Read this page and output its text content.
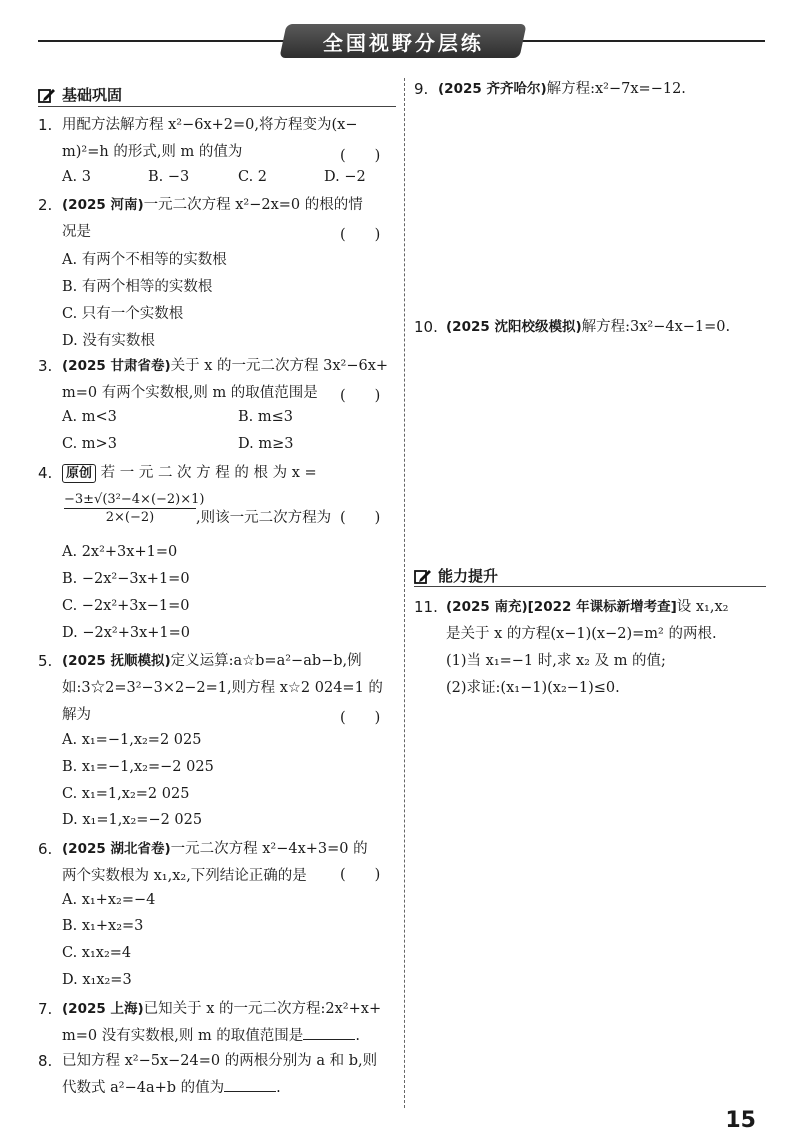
全国视野分层练
基础巩固
1. 用配方法解方程 x²−6x+2=0,将方程变为(x−
m)²=h 的形式,则 m 的值为	(　　)
A. 3	B. −3	C. 2	D. −2
2. (2025 河南)一元二次方程 x²−2x=0 的根的情
况是	(　　)
A. 有两个不相等的实数根
B. 有两个相等的实数根
C. 只有一个实数根
D. 没有实数根
3. (2025 甘肃省卷)关于 x 的一元二次方程 3x²−6x+
m=0 有两个实数根,则 m 的取值范围是	(　　)
A. m<3	B. m≤3
C. m>3	D. m≥3
4.	原创 若 一 元 二 次 方 程 的 根 为 x =
$\frac{\text{−3±√(3²−4×(−2)×1)}}{2\times(-2)}$ ,则该一元二次方程为 (　　)
A. 2x²+3x+1=0
B. −2x²−3x+1=0
C. −2x²+3x−1=0
D. −2x²+3x+1=0
5. (2025 抚顺模拟)定义运算:a☆b=a²−ab−b,例
如:3☆2=3²−3×2−2=1,则方程 x☆2 024=1 的
解为	(　　)
A. x₁=−1,x₂=2 025
B. x₁=−1,x₂=−2 025
C. x₁=1,x₂=2 025
D. x₁=1,x₂=−2 025
6. (2025 湖北省卷)一元二次方程 x²−4x+3=0 的
两个实数根为 x₁,x₂,下列结论正确的是	(　　)
A. x₁+x₂=−4
B. x₁+x₂=3
C. x₁x₂=4
D. x₁x₂=3
7. (2025 上海)已知关于 x 的一元二次方程:2x²+x+
m=0 没有实数根,则 m 的取值范围是	.
8. 已知方程 x²−5x−24=0 的两根分别为 a 和 b,则
代数式 a²−4a+b 的值为	.
9. (2025 齐齐哈尔)解方程:x²−7x=−12.
10. (2025 沈阳校级模拟)解方程:3x²−4x−1=0.
能力提升
11. (2025 南充)[2022 年课标新增考查]设 x₁,x₂
是关于 x 的方程(x−1)(x−2)=m² 的两根.
(1)当 x₁=−1 时,求 x₂ 及 m 的值;
(2)求证:(x₁−1)(x₂−1)≤0.
15
